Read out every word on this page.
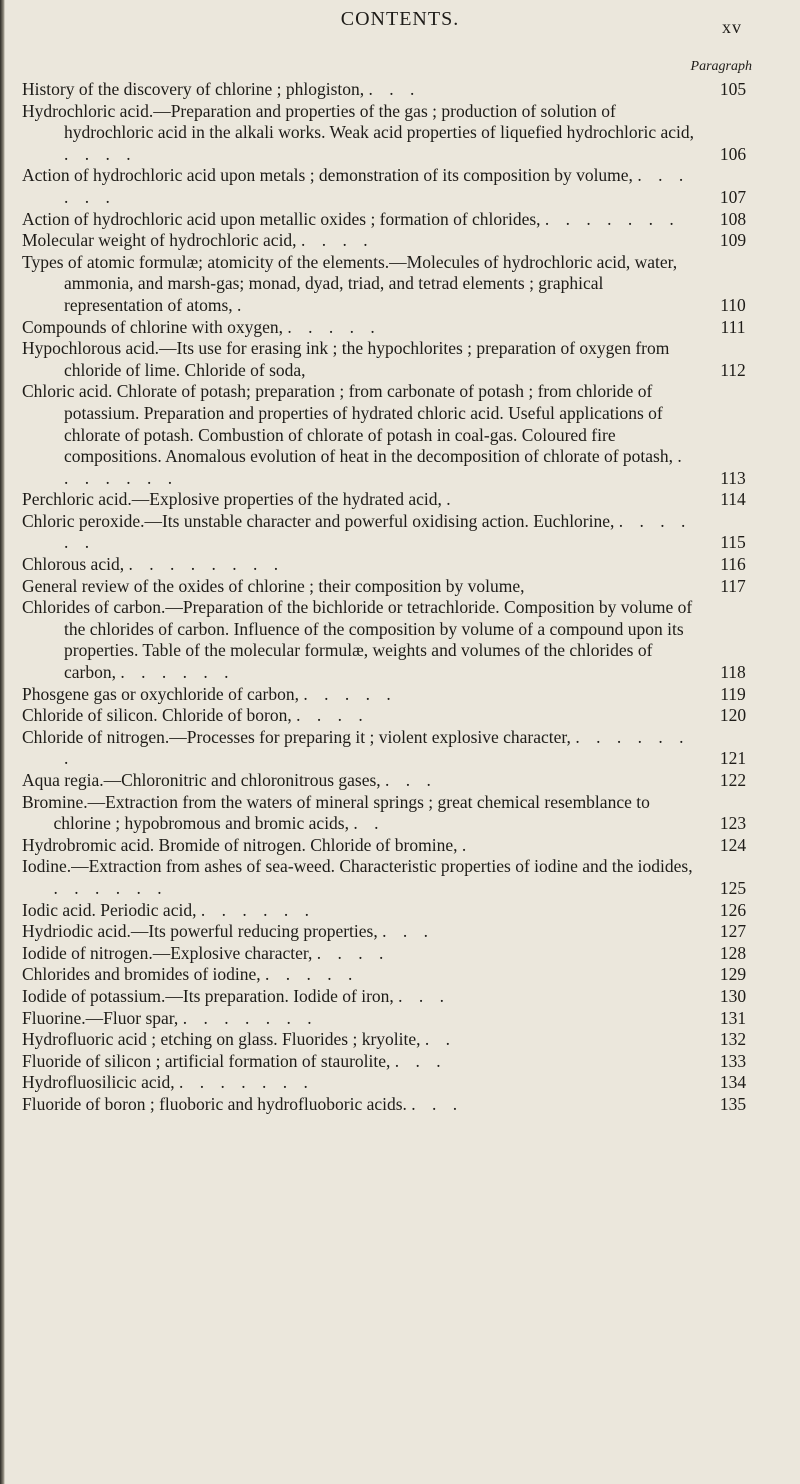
CONTENTS.	xv
Paragraph

History of the discovery of chlorine ; phlogiston, . . .	105

Hydrochloric acid.—Preparation and properties of the gas ; production of solution of hydrochloric acid in the alkali works. Weak acid properties of liquefied hydrochloric acid, . . . .	106

Action of hydrochloric acid upon metals ; demonstration of its composition by volume, . . . . . .	107

Action of hydrochloric acid upon metallic oxides ; formation of chlorides, . . . . . . .	108

Molecular weight of hydrochloric acid, . . . .	109

Types of atomic formulæ; atomicity of the elements.—Molecules of hydrochloric acid, water, ammonia, and marsh-gas; monad, dyad, triad, and tetrad elements ; graphical representation of atoms, .	110

Compounds of chlorine with oxygen, . . . . .	111

Hypochlorous acid.—Its use for erasing ink ; the hypochlorites ; preparation of oxygen from chloride of lime. Chloride of soda,	112

Chloric acid. Chlorate of potash; preparation ; from carbonate of potash ; from chloride of potassium. Preparation and properties of hydrated chloric acid. Useful applications of chlorate of potash. Combustion of chlorate of potash in coal-gas. Coloured fire compositions. Anomalous evolution of heat in the decomposition of chlorate of potash, . . . . . . .	113

Perchloric acid.—Explosive properties of the hydrated acid, .	114

Chloric peroxide.—Its unstable character and powerful oxidising action. Euchlorine, . . . . . .	115

Chlorous acid, . . . . . . . .	116

General review of the oxides of chlorine ; their composition by volume,	117

Chlorides of carbon.—Preparation of the bichloride or tetrachloride. Composition by volume of the chlorides of carbon. Influence of the composition by volume of a compound upon its properties. Table of the molecular formulæ, weights and volumes of the chlorides of carbon, . . . . . .	118

Phosgene gas or oxychloride of carbon, . . . . .	119

Chloride of silicon. Chloride of boron, . . . .	120

Chloride of nitrogen.—Processes for preparing it ; violent explosive character, . . . . . . .	121

Aqua regia.—Chloronitric and chloronitrous gases, . . .	122

Bromine.—Extraction from the waters of mineral springs ; great chemical resemblance to chlorine ; hypobromous and bromic acids, . .	123

Hydrobromic acid. Bromide of nitrogen. Chloride of bromine, .	124

Iodine.—Extraction from ashes of sea-weed. Characteristic properties of iodine and the iodides, . . . . . .	125

Iodic acid. Periodic acid, . . . . . .	126

Hydriodic acid.—Its powerful reducing properties, . . .	127

Iodide of nitrogen.—Explosive character, . . . .	128

Chlorides and bromides of iodine, . . . . .	129

Iodide of potassium.—Its preparation. Iodide of iron, . . .	130

Fluorine.—Fluor spar, . . . . . . .	131

Hydrofluoric acid ; etching on glass. Fluorides ; kryolite, . .	132

Fluoride of silicon ; artificial formation of staurolite, . . .	133

Hydrofluosilicic acid, . . . . . . .	134

Fluoride of boron ; fluoboric and hydrofluoboric acids. . . .	135
